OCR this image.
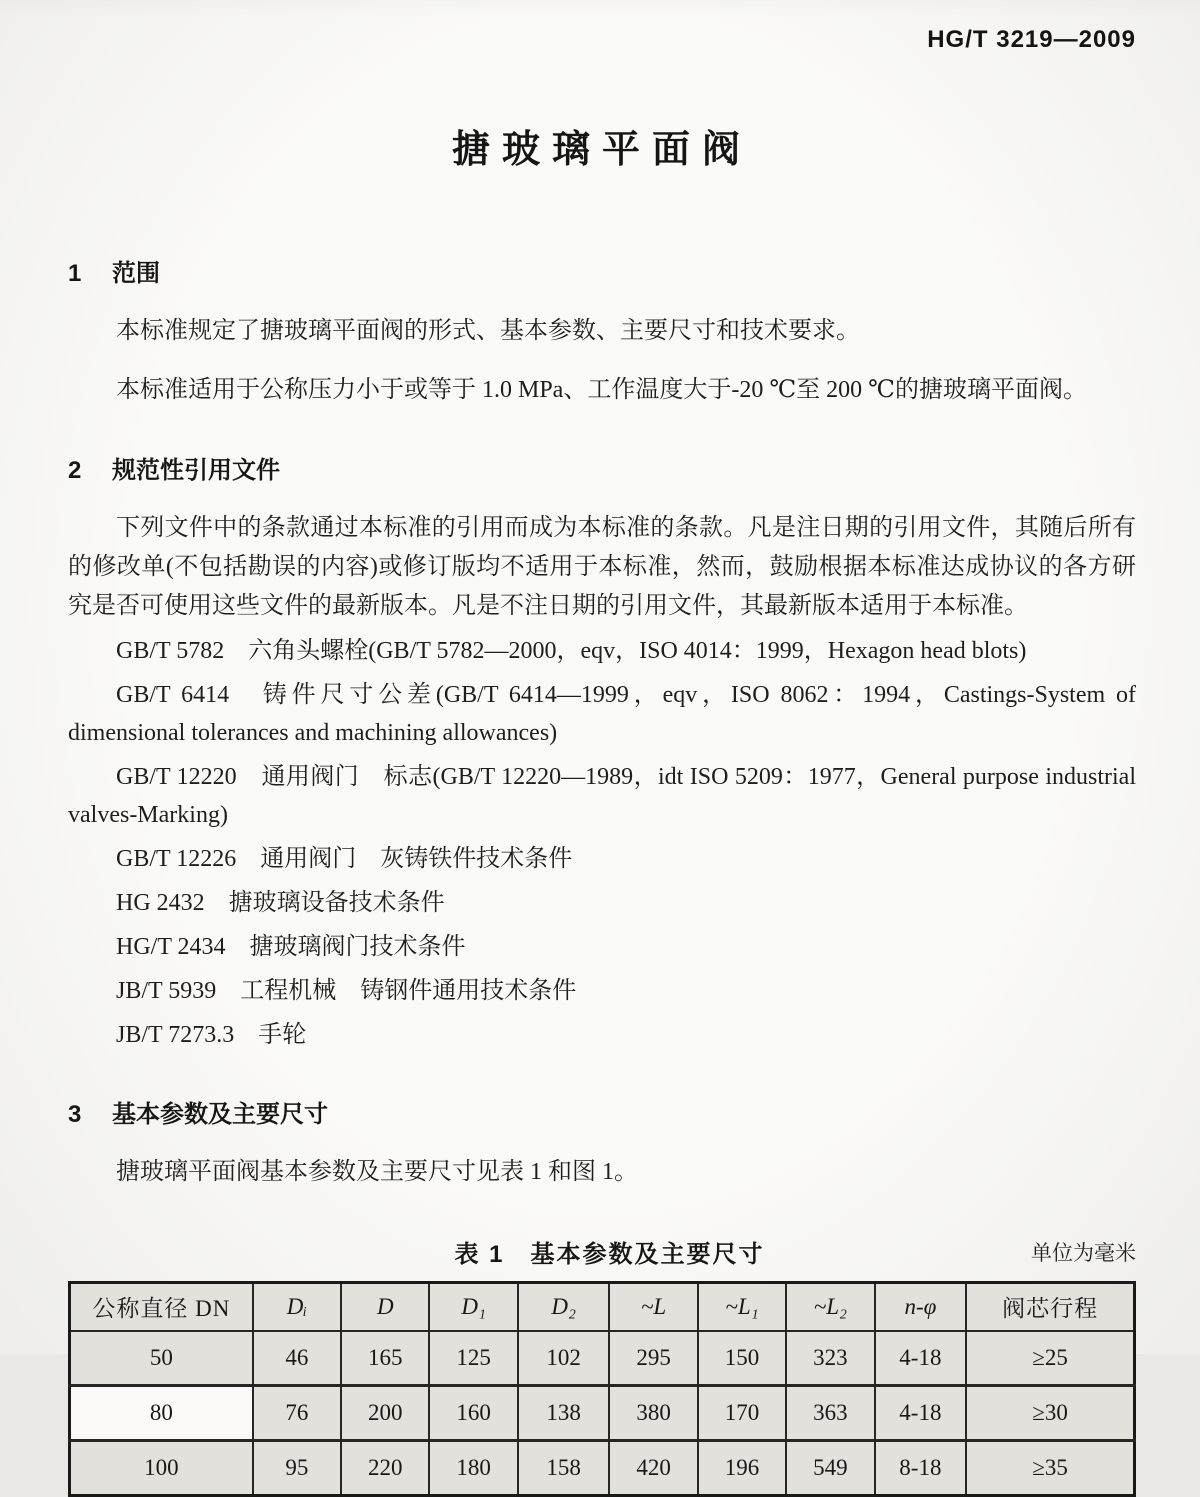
HG/T 3219—2009
搪玻璃平面阀
1 范围

本标准规定了搪玻璃平面阀的形式、基本参数、主要尺寸和技术要求。

本标准适用于公称压力小于或等于 1.0 MPa、工作温度大于-20 ℃至 200 ℃的搪玻璃平面阀。

2 规范性引用文件

下列文件中的条款通过本标准的引用而成为本标准的条款。凡是注日期的引用文件，其随后所有的修改单(不包括勘误的内容)或修订版均不适用于本标准，然而，鼓励根据本标准达成协议的各方研究是否可使用这些文件的最新版本。凡是不注日期的引用文件，其最新版本适用于本标准。

GB/T 5782　六角头螺栓(GB/T 5782—2000，eqv，ISO 4014：1999，Hexagon head blots)

GB/T 6414　铸件尺寸公差(GB/T 6414—1999，eqv，ISO 8062：1994，Castings-System of dimensional tolerances and machining allowances)

GB/T 12220　通用阀门　标志(GB/T 12220—1989，idt ISO 5209：1977，General purpose industrial valves-Marking)

GB/T 12226　通用阀门　灰铸铁件技术条件

HG 2432　搪玻璃设备技术条件

HG/T 2434　搪玻璃阀门技术条件

JB/T 5939　工程机械　铸钢件通用技术条件

JB/T 7273.3　手轮

3 基本参数及主要尺寸

搪玻璃平面阀基本参数及主要尺寸见表 1 和图 1。

表 1　基本参数及主要尺寸	单位为毫米
公称直径 DN	Dᵢ	D	D₁	D₂	~L	~L₁	~L₂	n-φ	阀芯行程
50	46	165	125	102	295	150	323	4-18	≥25
80	76	200	160	138	380	170	363	4-18	≥30
100	95	220	180	158	420	196	549	8-18	≥35
